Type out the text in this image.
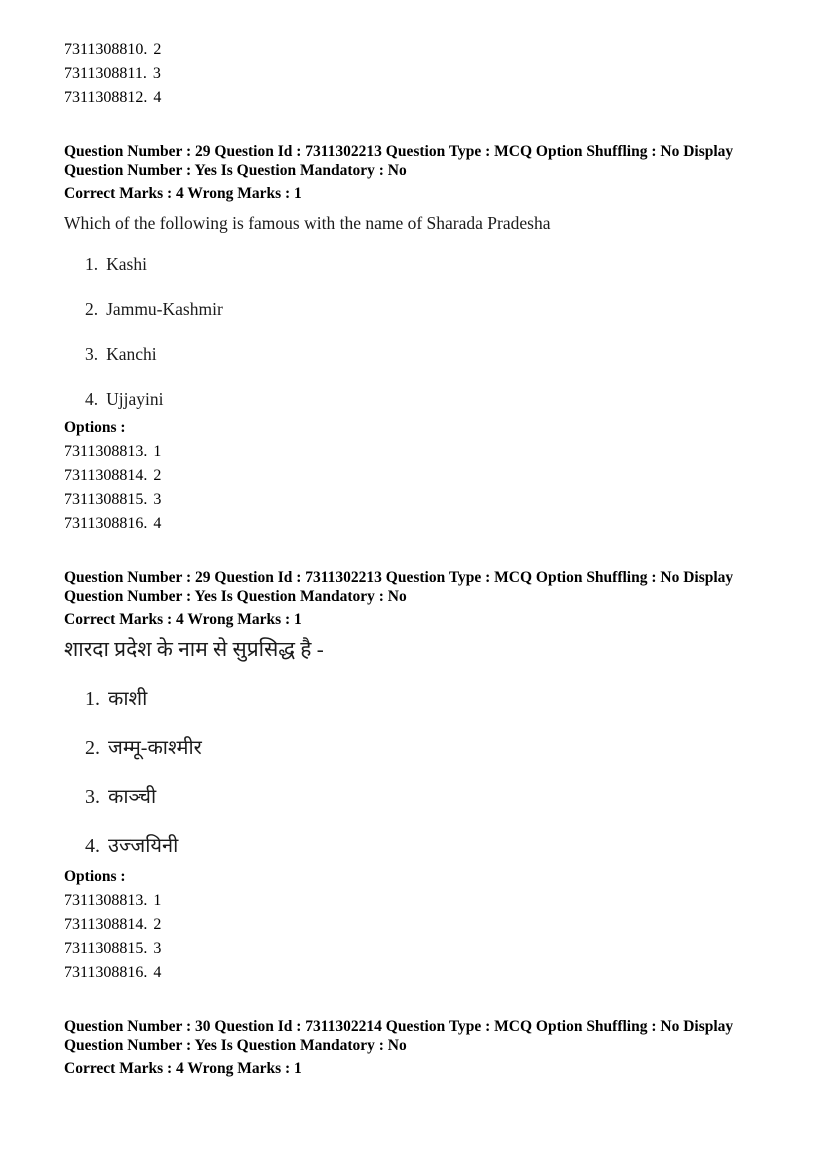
7311308810. 2
7311308811. 3
7311308812. 4
Question Number : 29 Question Id : 7311302213 Question Type : MCQ Option Shuffling : No Display
Question Number : Yes Is Question Mandatory : No
Correct Marks : 4 Wrong Marks : 1
Which of the following is famous with the name of Sharada Pradesha
1. Kashi
2. Jammu-Kashmir
3. Kanchi
4. Ujjayini
Options :
7311308813. 1
7311308814. 2
7311308815. 3
7311308816. 4
Question Number : 29 Question Id : 7311302213 Question Type : MCQ Option Shuffling : No Display
Question Number : Yes Is Question Mandatory : No
Correct Marks : 4 Wrong Marks : 1
शारदा प्रदेश के नाम से सुप्रसिद्ध है -
1. काशी
2. जम्मू-काश्मीर
3. काञ्ची
4. उज्जयिनी
Options :
7311308813. 1
7311308814. 2
7311308815. 3
7311308816. 4
Question Number : 30 Question Id : 7311302214 Question Type : MCQ Option Shuffling : No Display
Question Number : Yes Is Question Mandatory : No
Correct Marks : 4 Wrong Marks : 1
